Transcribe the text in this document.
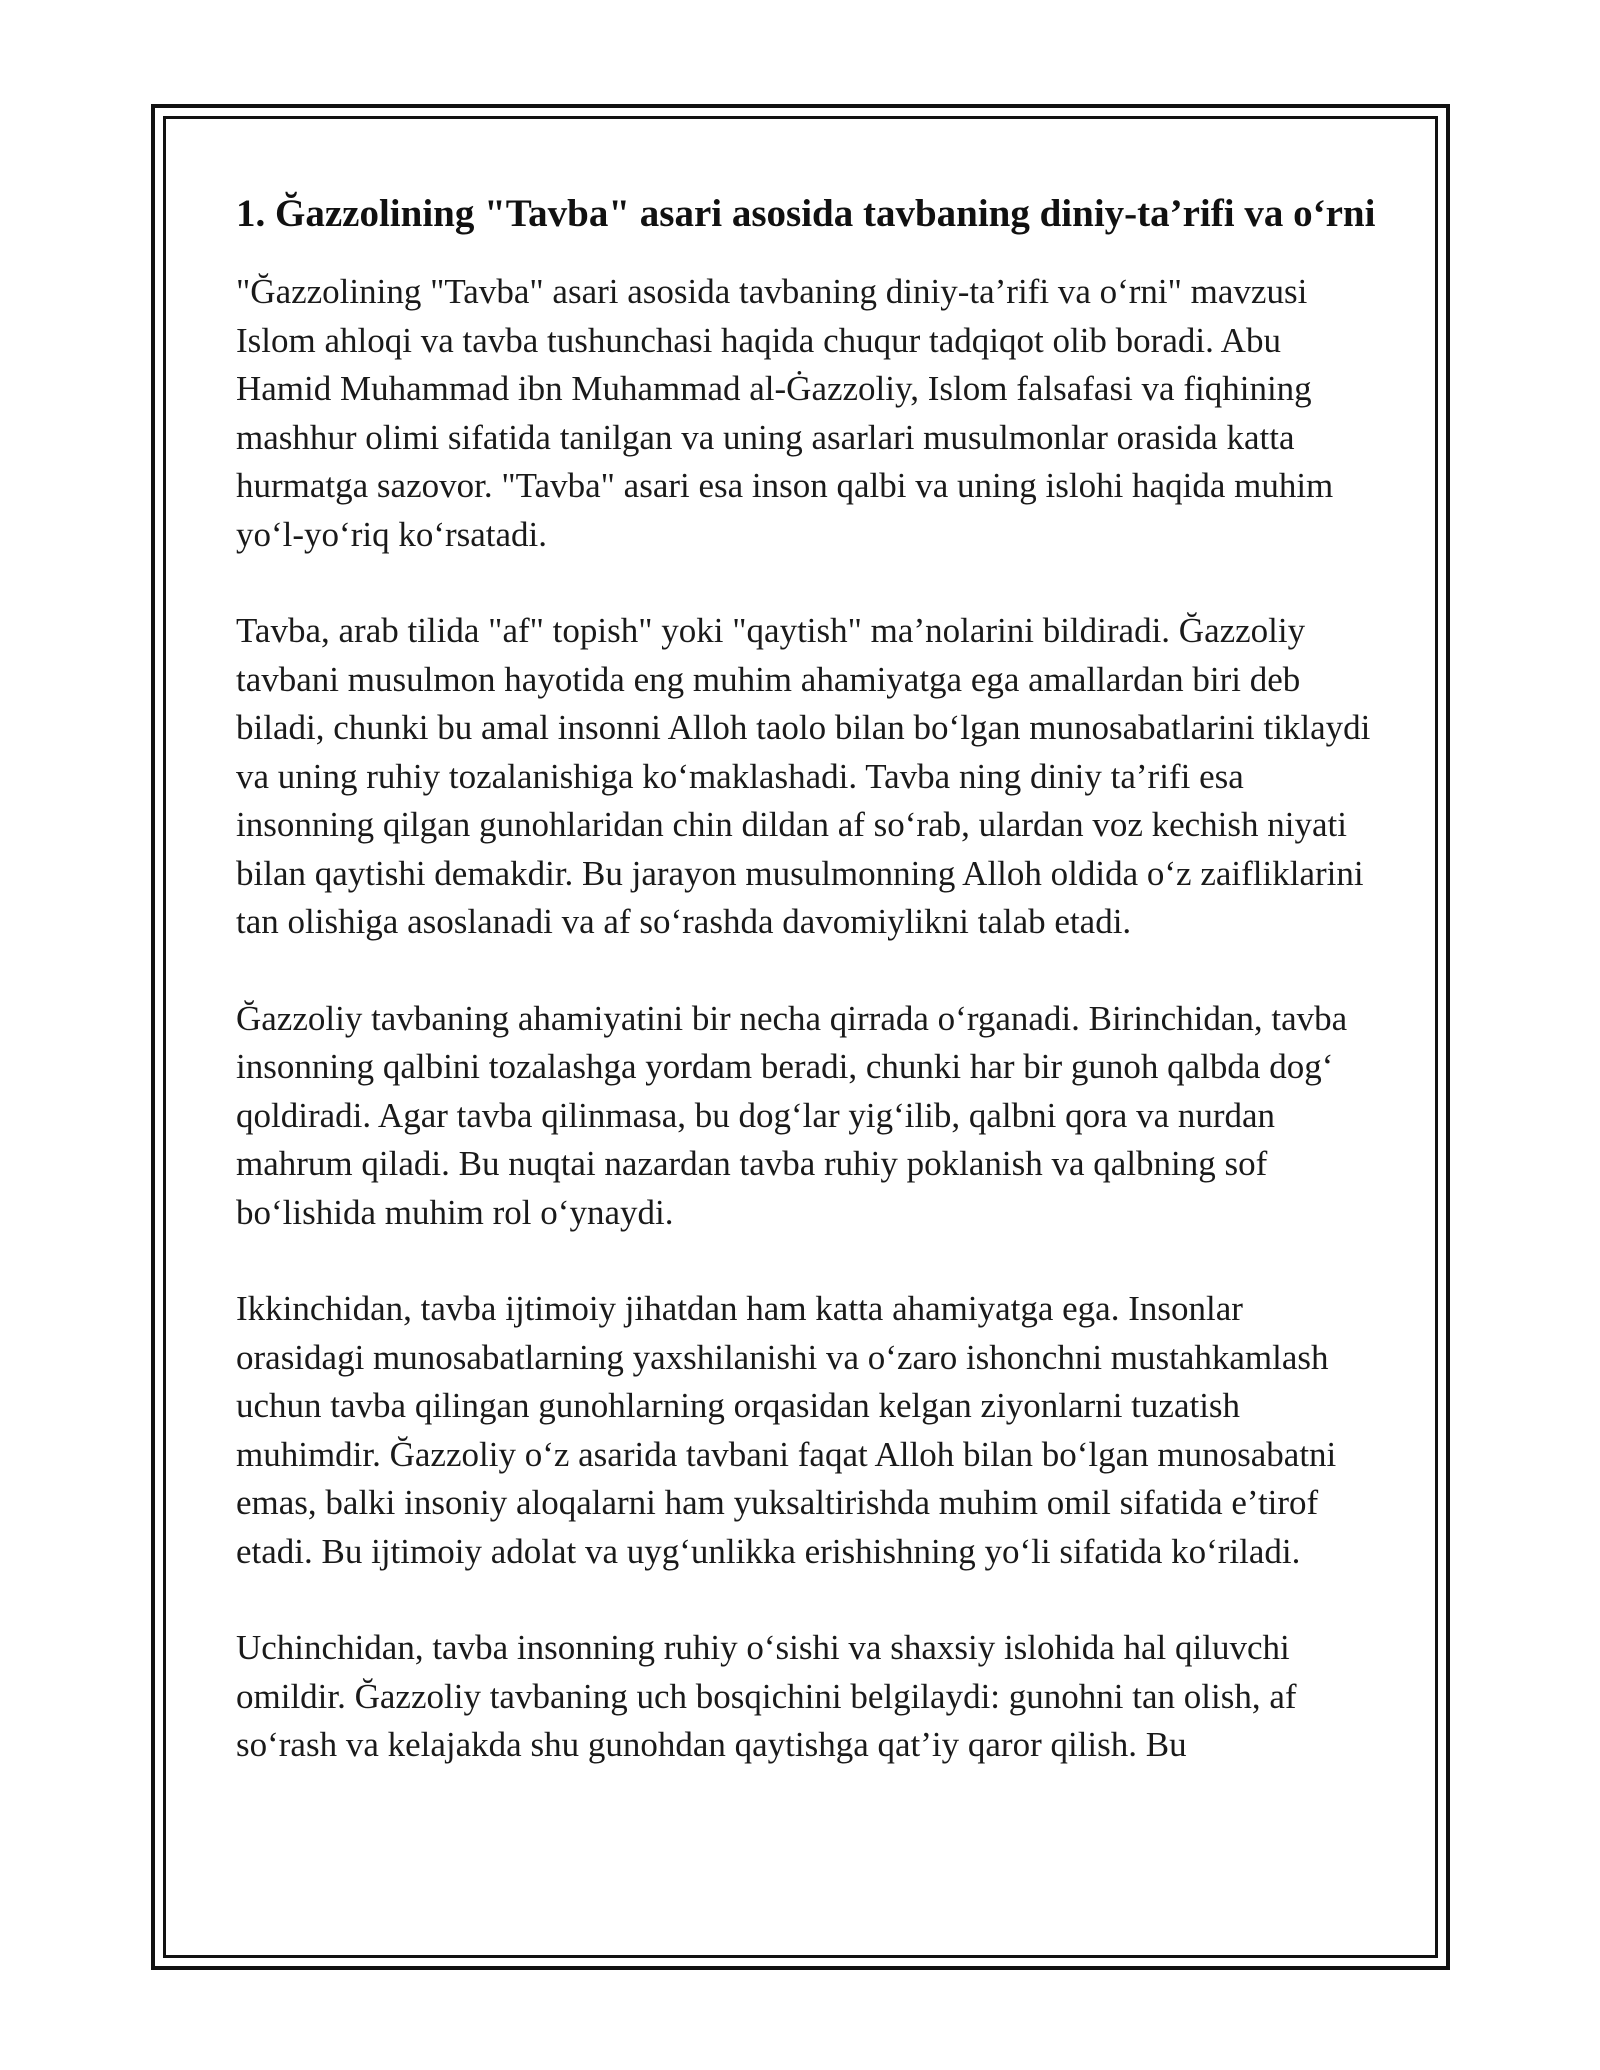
1. Ğazzolining "Tavba" asari asosida tavbaning diniy-ta’rifi va o‘rni

"Ğazzolining "Tavba" asari asosida tavbaning diniy-ta’rifi va o‘rni" mavzusi Islom ahloqi va tavba tushunchasi haqida chuqur tadqiqot olib boradi. Abu Hamid Muhammad ibn Muhammad al-Ġazzoliy, Islom falsafasi va fiqhining mashhur olimi sifatida tanilgan va uning asarlari musulmonlar orasida katta hurmatga sazovor. "Tavba" asari esa inson qalbi va uning islohi haqida muhim yo‘l-yo‘riq ko‘rsatadi.

Tavba, arab tilida "af" topish" yoki "qaytish" ma’nolarini bildiradi. Ğazzoliy tavbani musulmon hayotida eng muhim ahamiyatga ega amallardan biri deb biladi, chunki bu amal insonni Alloh taolo bilan bo‘lgan munosabatlarini tiklaydi va uning ruhiy tozalanishiga ko‘maklashadi. Tavba ning diniy ta’rifi esa insonning qilgan gunohlaridan chin dildan af so‘rab, ulardan voz kechish niyati bilan qaytishi demakdir. Bu jarayon musulmonning Alloh oldida o‘z zaifliklarini tan olishiga asoslanadi va af so‘rashda davomiylikni talab etadi.

Ğazzoliy tavbaning ahamiyatini bir necha qirrada o‘rganadi. Birinchidan, tavba insonning qalbini tozalashga yordam beradi, chunki har bir gunoh qalbda dog‘ qoldiradi. Agar tavba qilinmasa, bu dog‘lar yig‘ilib, qalbni qora va nurdan mahrum qiladi. Bu nuqtai nazardan tavba ruhiy poklanish va qalbning sof bo‘lishida muhim rol o‘ynaydi.

Ikkinchidan, tavba ijtimoiy jihatdan ham katta ahamiyatga ega. Insonlar orasidagi munosabatlarning yaxshilanishi va o‘zaro ishonchni mustahkamlash uchun tavba qilingan gunohlarning orqasidan kelgan ziyonlarni tuzatish muhimdir. Ğazzoliy o‘z asarida tavbani faqat Alloh bilan bo‘lgan munosabatni emas, balki insoniy aloqalarni ham yuksaltirishda muhim omil sifatida e’tirof etadi. Bu ijtimoiy adolat va uyg‘unlikka erishishning yo‘li sifatida ko‘riladi.

Uchinchidan, tavba insonning ruhiy o‘sishi va shaxsiy islohida hal qiluvchi omildir. Ğazzoliy tavbaning uch bosqichini belgilaydi: gunohni tan olish, af so‘rash va kelajakda shu gunohdan qaytishga qat’iy qaror qilish. Bu
